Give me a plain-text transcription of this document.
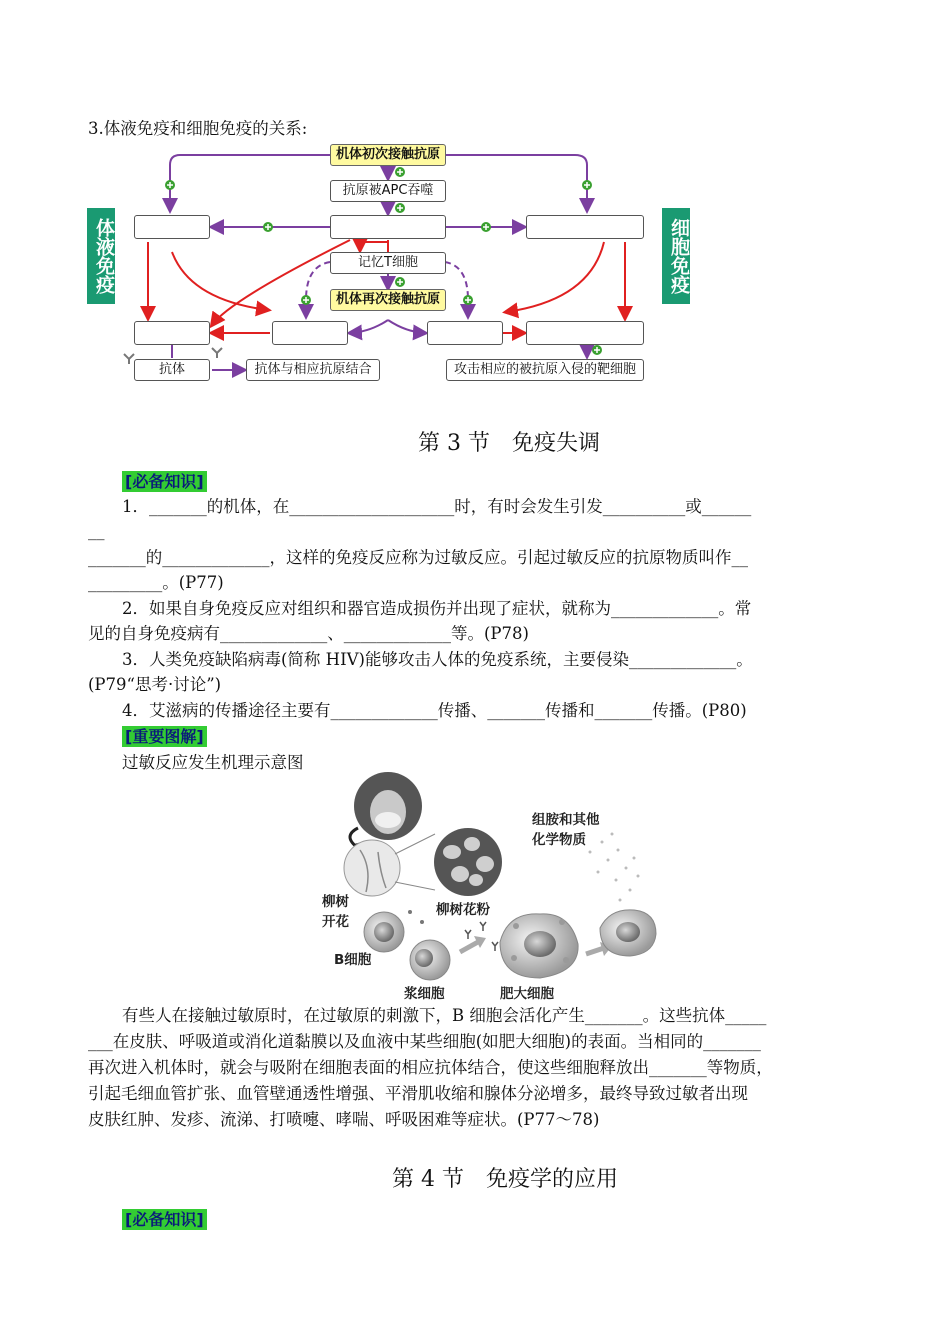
3.体液免疫和细胞免疫的关系:
机体初次接触抗原
抗原被APC吞噬
记忆T细胞
机体再次接触抗原
抗体	抗体与相应抗原结合	攻击相应的被抗原入侵的靶细胞
体液免疫	细胞免疫
第 3 节　免疫失调
[必备知识]
1．_______的机体，在____________________时，有时会发生引发__________或______
__
_______的_____________，这样的免疫反应称为过敏反应。引起过敏反应的抗原物质叫作__
_________。(P77)
2．如果自身免疫反应对组织和器官造成损伤并出现了症状，就称为_____________。常
见的自身免疫病有_____________、_____________等。(P78)
3．人类免疫缺陷病毒(简称 HIV)能够攻击人体的免疫系统，主要侵染_____________。
(P79“思考·讨论”)
4．艾滋病的传播途径主要有_____________传播、_______传播和_______传播。(P80)
[重要图解]
过敏反应发生机理示意图
组胺和其他
化学物质
柳树
开花
柳树花粉
B细胞
浆细胞	肥大细胞
有些人在接触过敏原时，在过敏原的刺激下，B 细胞会活化产生_______。这些抗体_____
___在皮肤、呼吸道或消化道黏膜以及血液中某些细胞(如肥大细胞)的表面。当相同的_______
再次进入机体时，就会与吸附在细胞表面的相应抗体结合，使这些细胞释放出_______等物质，
引起毛细血管扩张、血管壁通透性增强、平滑肌收缩和腺体分泌增多，最终导致过敏者出现
皮肤红肿、发疹、流涕、打喷嚏、哮喘、呼吸困难等症状。(P77～78)
第 4 节　免疫学的应用
[必备知识]
